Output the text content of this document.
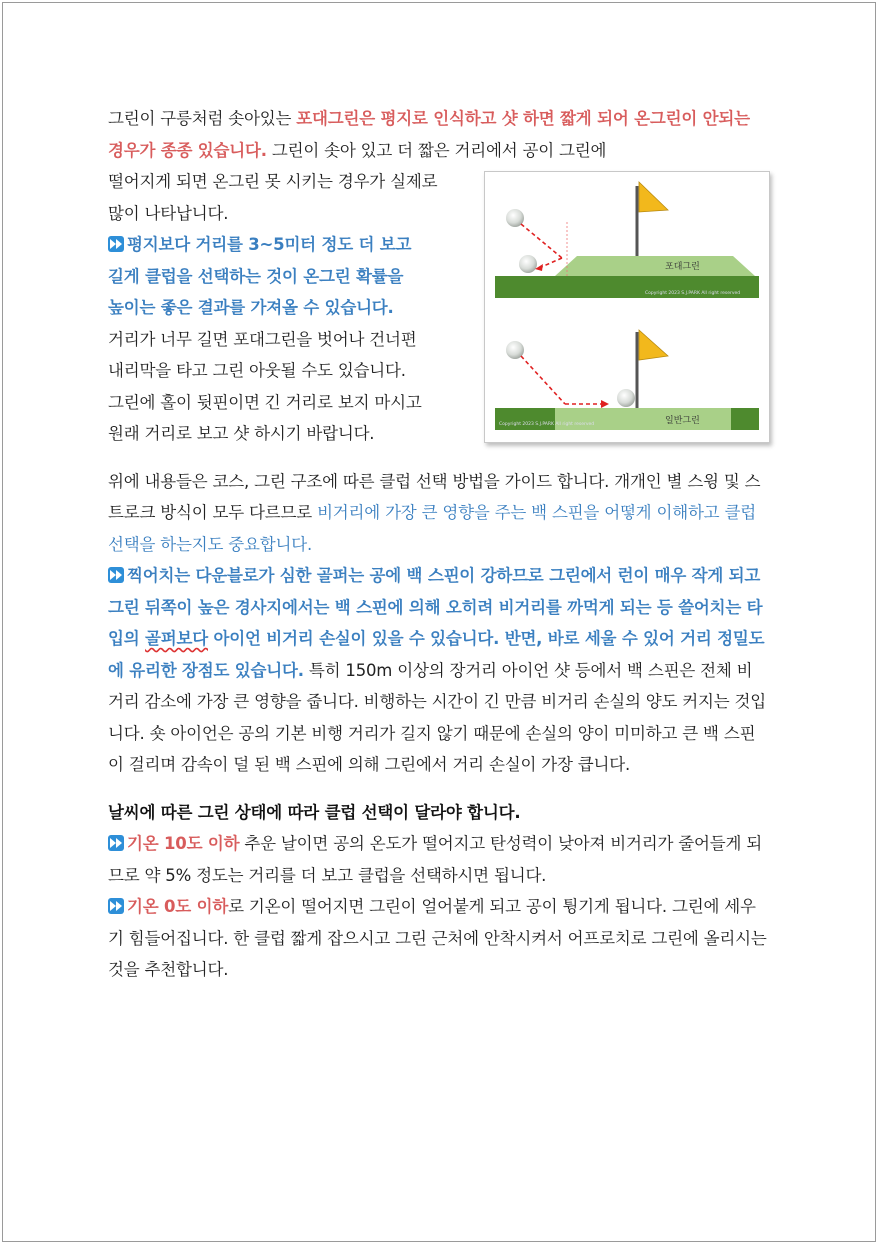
포대그린
Copyright 2023 S.J.PARK All right reserved
일반그린
Copyright 2023 S.J.PARK All right reserved

그린이 구릉처럼 솟아있는 포대그린은 평지로 인식하고 샷 하면 짧게 되어 온그린이 안되는 경우가 종종 있습니다. 그린이 솟아 있고 더 짧은 거리에서 공이 그린에

떨어지게 되면 온그린 못 시키는 경우가 실제로
많이 나타납니다.

평지보다 거리를 3~5미터 정도 더 보고
길게 클럽을 선택하는 것이 온그린 확률을
높이는 좋은 결과를 가져올 수 있습니다.
거리가 너무 길면 포대그린을 벗어나 건너편
내리막을 타고 그린 아웃될 수도 있습니다.
그린에 홀이 뒷핀이면 긴 거리로 보지 마시고
원래 거리로 보고 샷 하시기 바랍니다.

위에 내용들은 코스, 그린 구조에 따른 클럽 선택 방법을 가이드 합니다. 개개인 별 스윙 및 스트로크 방식이 모두 다르므로 비거리에 가장 큰 영향을 주는 백 스핀을 어떻게 이해하고 클럽 선택을 하는지도 중요합니다.

찍어치는 다운블로가 심한 골퍼는 공에 백 스핀이 강하므로 그린에서 런이 매우 작게 되고 그린 뒤쪽이 높은 경사지에서는 백 스핀에 의해 오히려 비거리를 까먹게 되는 등 쓸어치는 타입의 골퍼보다 아이언 비거리 손실이 있을 수 있습니다. 반면, 바로 세울 수 있어 거리 정밀도에 유리한 장점도 있습니다. 특히 150m 이상의 장거리 아이언 샷 등에서 백 스핀은 전체 비거리 감소에 가장 큰 영향을 줍니다. 비행하는 시간이 긴 만큼 비거리 손실의 양도 커지는 것입니다. 숏 아이언은 공의 기본 비행 거리가 길지 않기 때문에 손실의 양이 미미하고 큰 백 스핀이 걸리며 감속이 덜 된 백 스핀에 의해 그린에서 거리 손실이 가장 큽니다.

날씨에 따른 그린 상태에 따라 클럽 선택이 달라야 합니다.

기온 10도 이하 추운 날이면 공의 온도가 떨어지고 탄성력이 낮아져 비거리가 줄어들게 되므로 약 5% 정도는 거리를 더 보고 클럽을 선택하시면 됩니다.

기온 0도 이하로 기온이 떨어지면 그린이 얼어붙게 되고 공이 튕기게 됩니다. 그린에 세우기 힘들어집니다. 한 클럽 짧게 잡으시고 그린 근처에 안착시켜서 어프로치로 그린에 올리시는 것을 추천합니다.
